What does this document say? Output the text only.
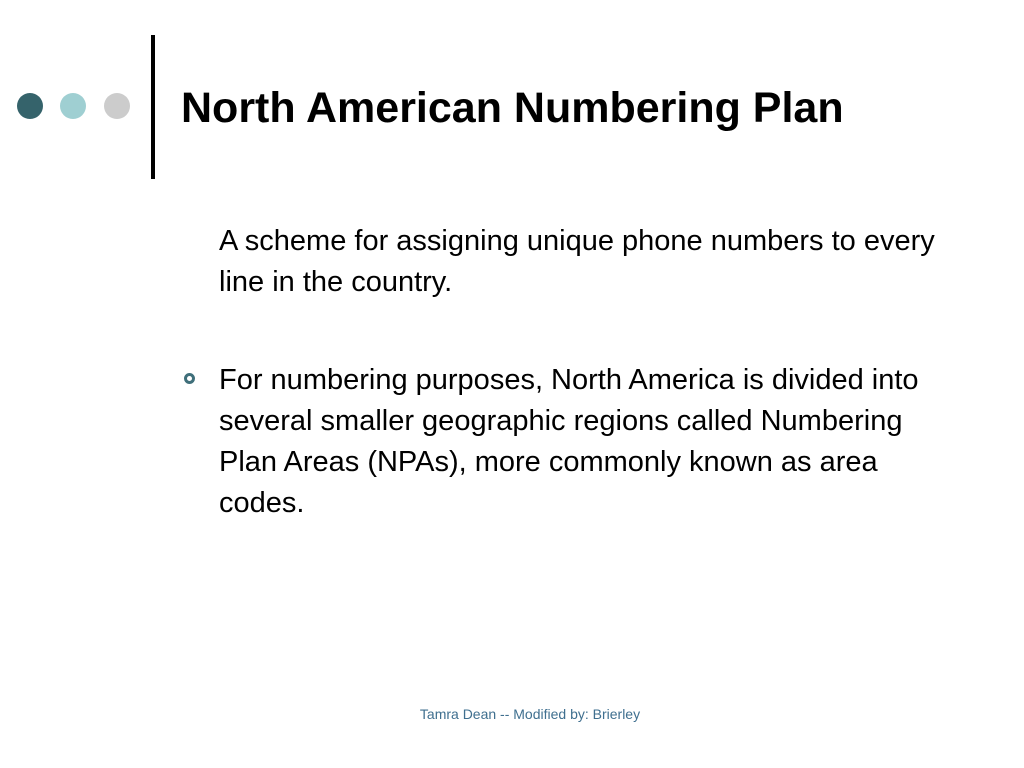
North American Numbering Plan

A scheme for assigning unique phone numbers to every line in the country.

For numbering purposes, North America is divided into several smaller geographic regions called Numbering Plan Areas (NPAs), more commonly known as area codes.

Tamra Dean -- Modified by: Brierley
